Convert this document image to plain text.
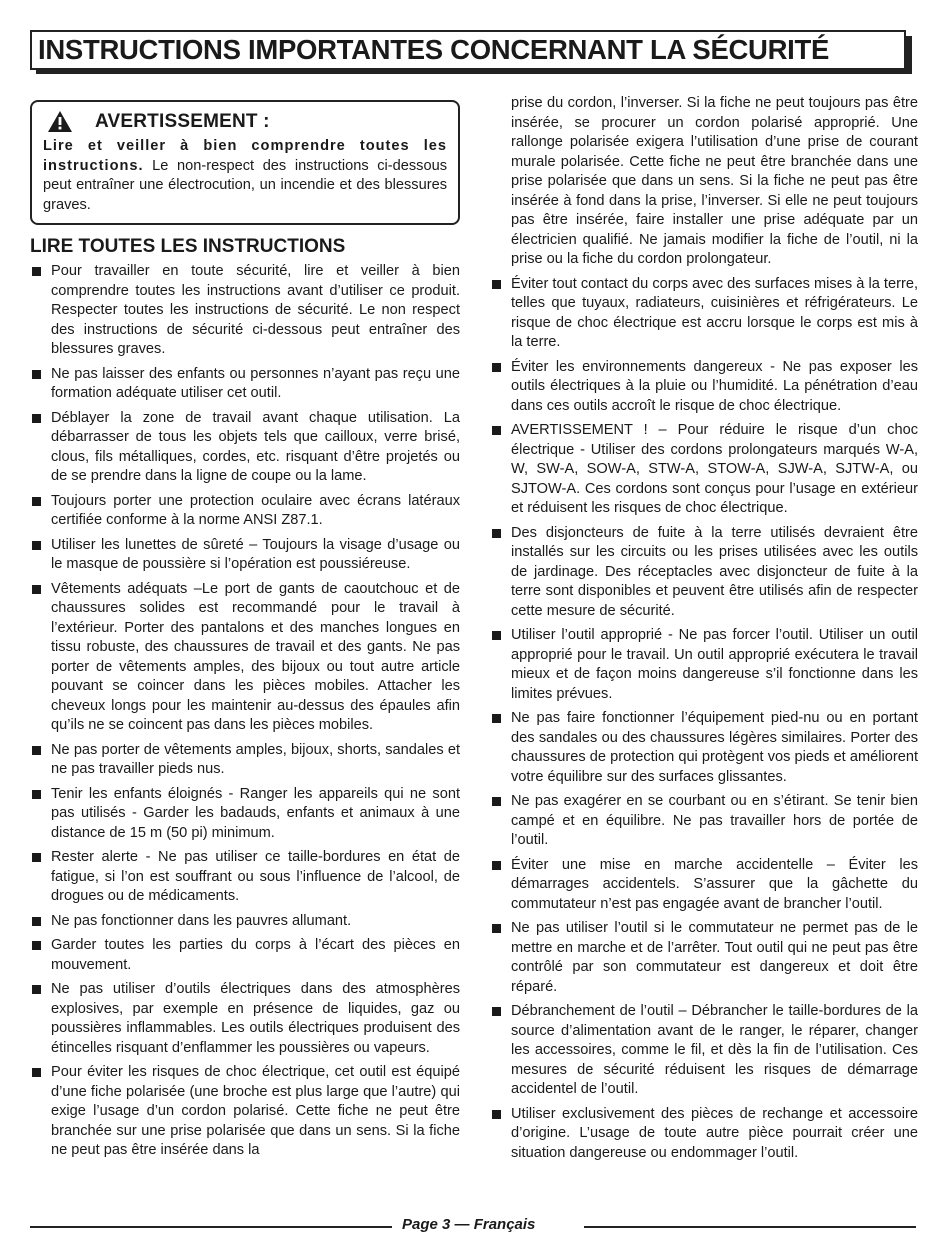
INSTRUCTIONS IMPORTANTES CONCERNANT LA SÉCURITÉ
AVERTISSEMENT :
Lire et veiller à bien comprendre toutes les instructions. Le non-respect des instructions ci-dessous peut entraîner une électrocution, un incendie et des blessures graves.
LIRE TOUTES LES INSTRUCTIONS
Pour travailler en toute sécurité, lire et veiller à bien comprendre toutes les instructions avant d’utiliser ce produit. Respecter toutes les instructions de sécurité. Le non respect des instructions de sécurité ci-dessous peut entraîner des blessures graves.
Ne pas laisser des enfants ou personnes n’ayant pas reçu une formation adéquate utiliser cet outil.
Déblayer la zone de travail avant chaque utilisation. La débarrasser de tous les objets tels que cailloux, verre brisé, clous, fils métalliques, cordes, etc. risquant d’être projetés ou de se prendre dans la ligne de coupe ou la lame.
Toujours porter une protection oculaire avec écrans latéraux certifiée conforme à la norme ANSI Z87.1.
Utiliser les lunettes de sûreté – Toujours la visage d’usage ou le masque de poussière si l’opération est poussiéreuse.
Vêtements adéquats –Le port de gants de caoutchouc et de chaussures solides est recommandé pour le travail à l’extérieur. Porter des pantalons et des manches longues en tissu robuste, des chaussures de travail et des gants. Ne pas porter de vêtements amples, des bijoux ou tout autre article pouvant se coincer dans les pièces mobiles. Attacher les cheveux longs pour les maintenir au-dessus des épaules afin qu’ils ne se coincent pas dans les pièces mobiles.
Ne pas porter de vêtements amples, bijoux, shorts, sandales et ne pas travailler pieds nus.
Tenir les enfants éloignés - Ranger les appareils qui ne sont pas utilisés - Garder les badauds, enfants et animaux à une distance de 15 m (50 pi) minimum.
Rester alerte - Ne pas utiliser ce taille-bordures en état de fatigue, si l’on est souffrant ou sous l’influence de l’alcool, de drogues ou de médicaments.
Ne pas fonctionner dans les pauvres allumant.
Garder toutes les parties du corps à l’écart des pièces en mouvement.
Ne pas utiliser d’outils électriques dans des atmosphères explosives, par exemple en présence de liquides, gaz ou poussières inflammables. Les outils électriques produisent des étincelles risquant d’enflammer les poussières ou vapeurs.
Pour éviter les risques de choc électrique, cet outil est équipé d’une fiche polarisée (une broche est plus large que l’autre) qui exige l’usage d’un cordon polarisé. Cette fiche ne peut être branchée sur une prise polarisée que dans un sens. Si la fiche ne peut pas être insérée dans la
prise du cordon, l’inverser. Si la fiche ne peut toujours pas être insérée, se procurer un cordon polarisé approprié. Une rallonge polarisée exigera l’utilisation d’une prise de courant murale polarisée. Cette fiche ne peut être branchée dans une prise polarisée que dans un sens. Si la fiche ne peut pas être insérée à fond dans la prise, l’inverser. Si elle ne peut toujours pas être insérée, faire installer une prise adéquate par un électricien qualifié. Ne jamais modifier la fiche de l’outil, ni la prise ou la fiche du cordon prolongateur.
Éviter tout contact du corps avec des surfaces mises à la terre, telles que tuyaux, radiateurs, cuisinières et réfrigérateurs. Le risque de choc électrique est accru lorsque le corps est mis à la terre.
Éviter les environnements dangereux - Ne pas exposer les outils électriques à la pluie ou l’humidité. La pénétration d’eau dans ces outils accroît le risque de choc électrique.
AVERTISSEMENT ! – Pour réduire le risque d’un choc électrique - Utiliser des cordons prolongateurs marqués W-A, W, SW-A, SOW-A, STW-A, STOW-A, SJW-A, SJTW-A, ou SJTOW-A. Ces cordons sont conçus pour l’usage en extérieur et réduisent les risques de choc électrique.
Des disjoncteurs de fuite à la terre utilisés devraient être installés sur les circuits ou les prises utilisées avec les outils de jardinage. Des réceptacles avec disjoncteur de fuite à la terre sont disponibles et peuvent être utilisés afin de respecter cette mesure de sécurité.
Utiliser l’outil approprié - Ne pas forcer l’outil. Utiliser un outil approprié pour le travail. Un outil approprié exécutera le travail mieux et de façon moins dangereuse s’il fonctionne dans les limites prévues.
Ne pas faire fonctionner l’équipement pied-nu ou en portant des sandales ou des chaussures légères similaires. Porter des chaussures de protection qui protègent vos pieds et améliorent votre équilibre sur des surfaces glissantes.
Ne pas exagérer en se courbant ou en s’étirant. Se tenir bien campé et en équilibre. Ne pas travailler hors de portée de l’outil.
Éviter une mise en marche accidentelle – Éviter les démarrages accidentels. S’assurer que la gâchette du commutateur n’est pas engagée avant de brancher l’outil.
Ne pas utiliser l’outil si le commutateur ne permet pas de le mettre en marche et de l’arrêter. Tout outil qui ne peut pas être contrôlé par son commutateur est dangereux et doit être réparé.
Débranchement de l’outil – Débrancher le taille-bordures de la source d’alimentation avant de le ranger, le réparer, changer les accessoires, comme le fil, et dès la fin de l’utilisation. Ces mesures de sécurité réduisent les risques de démarrage accidentel de l’outil.
Utiliser exclusivement des pièces de rechange et accessoire d’origine. L’usage de toute autre pièce pourrait créer une situation dangereuse ou endommager l’outil.
Page 3 — Français
